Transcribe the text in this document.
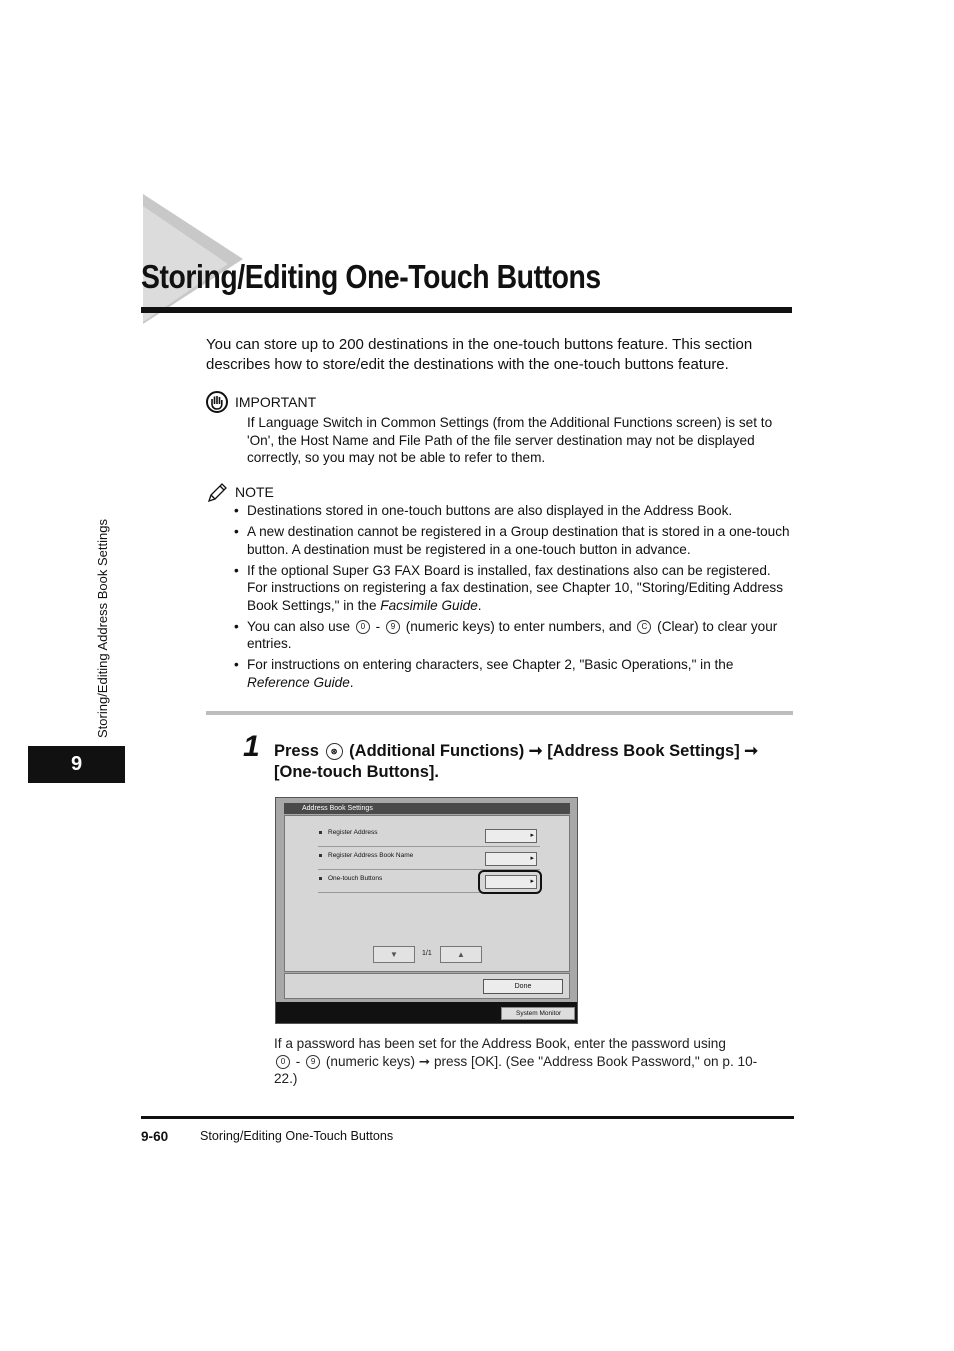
Storing/Editing One-Touch Buttons
You can store up to 200 destinations in the one-touch buttons feature. This section describes how to store/edit the destinations with the one-touch buttons feature.
IMPORTANT
If Language Switch in Common Settings (from the Additional Functions screen) is set to 'On', the Host Name and File Path of the file server destination may not be displayed correctly, so you may not be able to refer to them.
NOTE
• Destinations stored in one-touch buttons are also displayed in the Address Book.
• A new destination cannot be registered in a Group destination that is stored in a one-touch button. A destination must be registered in a one-touch button in advance.
• If the optional Super G3 FAX Board is installed, fax destinations also can be registered. For instructions on registering a fax destination, see Chapter 10, "Storing/Editing Address Book Settings," in the Facsimile Guide.
• You can also use 0 - 9 (numeric keys) to enter numbers, and C (Clear) to clear your entries.
• For instructions on entering characters, see Chapter 2, "Basic Operations," in the Reference Guide.
1 Press ⊛ (Additional Functions) ➞ [Address Book Settings] ➞ [One-touch Buttons].
Address Book Settings
Register Address
▸
Register Address Book Name
▸
One-touch Buttons
▸
▼	1/1	▲
Done
System Monitor
If a password has been set for the Address Book, enter the password using
0 - 9 (numeric keys) ➞ press [OK]. (See "Address Book Password," on p. 10-22.)
9-60	Storing/Editing One-Touch Buttons
Storing/Editing Address Book Settings
9
